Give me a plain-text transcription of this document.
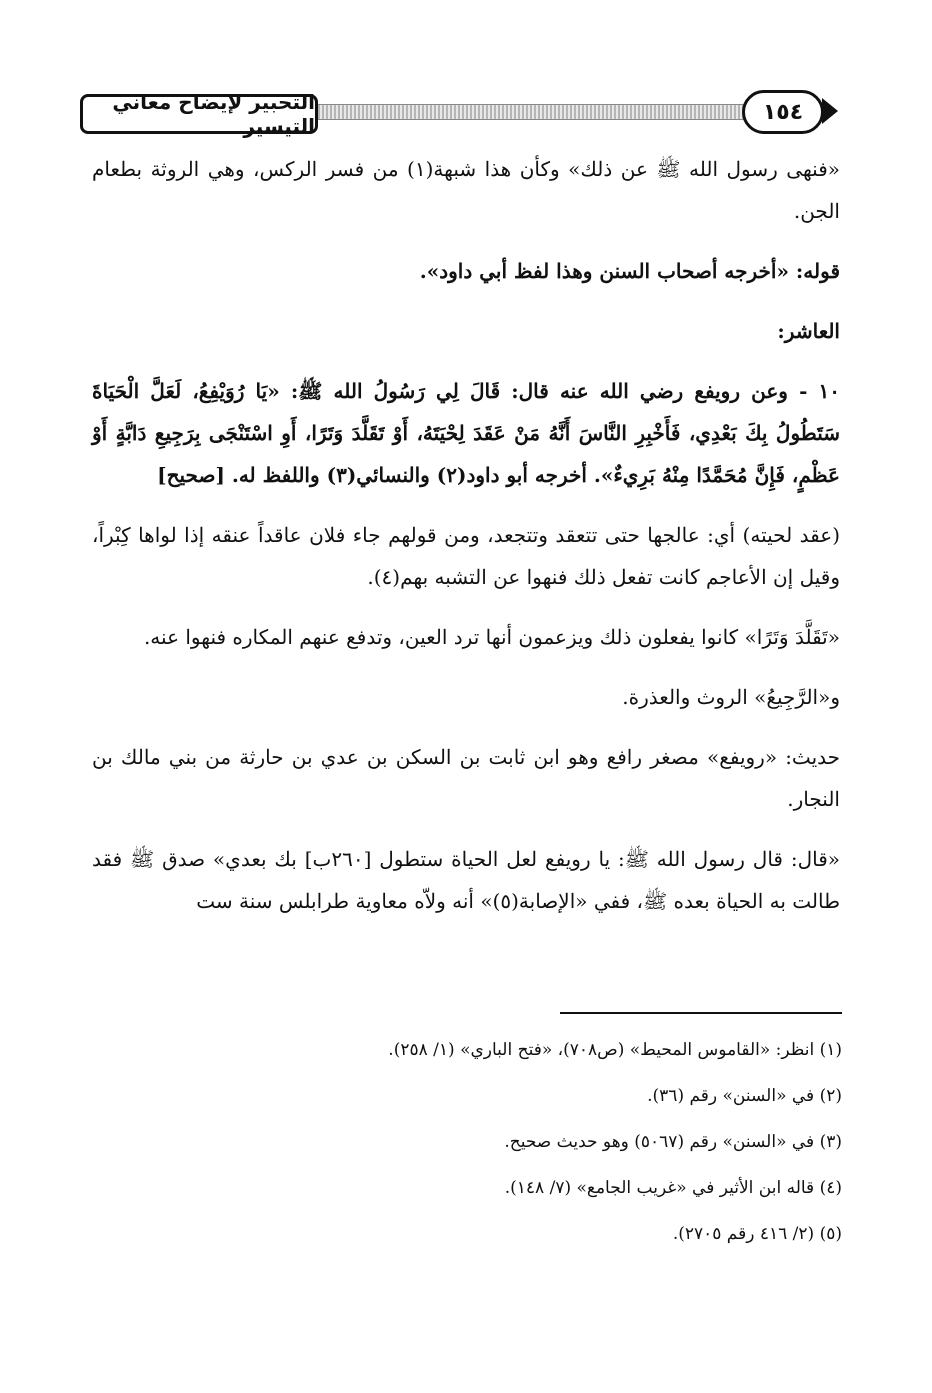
التحبير لإيضاح معاني التيسير
١٥٤

«فنهى رسول الله ﷺ عن ذلك» وكأن هذا شبهة(١) من فسر الركس، وهي الروثة بطعام الجن.

قوله: «أخرجه أصحاب السنن وهذا لفظ أبي داود».

العاشر:

١٠ - وعن رويفع رضي الله عنه قال: قَالَ لِي رَسُولُ الله ﷺ: «يَا رُوَيْفِعُ، لَعَلَّ الْحَيَاةَ سَتَطُولُ بِكَ بَعْدِي، فَأَخْبِرِ النَّاسَ أَنَّهُ مَنْ عَقَدَ لِحْيَتَهُ، أَوْ تَقَلَّدَ وَتَرًا، أَوِ اسْتَنْجَى بِرَجِيعِ دَابَّةٍ أَوْ عَظْمٍ، فَإِنَّ مُحَمَّدًا مِنْهُ بَرِيءٌ». أخرجه أبو داود(٢) والنسائي(٣) واللفظ له. [صحيح]

(عقد لحيته) أي: عالجها حتى تتعقد وتتجعد، ومن قولهم جاء فلان عاقداً عنقه إذا لواها كِبْراً، وقيل إن الأعاجم كانت تفعل ذلك فنهوا عن التشبه بهم(٤).

«تَقَلَّدَ وَتَرًا» كانوا يفعلون ذلك ويزعمون أنها ترد العين، وتدفع عنهم المكاره فنهوا عنه.

و«الرَّجِيعُ» الروث والعذرة.

حديث: «رويفع» مصغر رافع وهو ابن ثابت بن السكن بن عدي بن حارثة من بني مالك بن النجار.

«قال: قال رسول الله ﷺ: يا رويفع لعل الحياة ستطول [٢٦٠ب] بك بعدي» صدق ﷺ فقد طالت به الحياة بعده ﷺ، ففي «الإصابة(٥)» أنه ولاّه معاوية طرابلس سنة ست

(١) انظر: «القاموس المحيط» (ص٧٠٨)، «فتح الباري» (١/ ٢٥٨).
(٢) في «السنن» رقم (٣٦).
(٣) في «السنن» رقم (٥٠٦٧) وهو حديث صحيح.
(٤) قاله ابن الأثير في «غريب الجامع» (٧/ ١٤٨).
(٥) (٢/ ٤١٦ رقم ٢٧٠٥).
